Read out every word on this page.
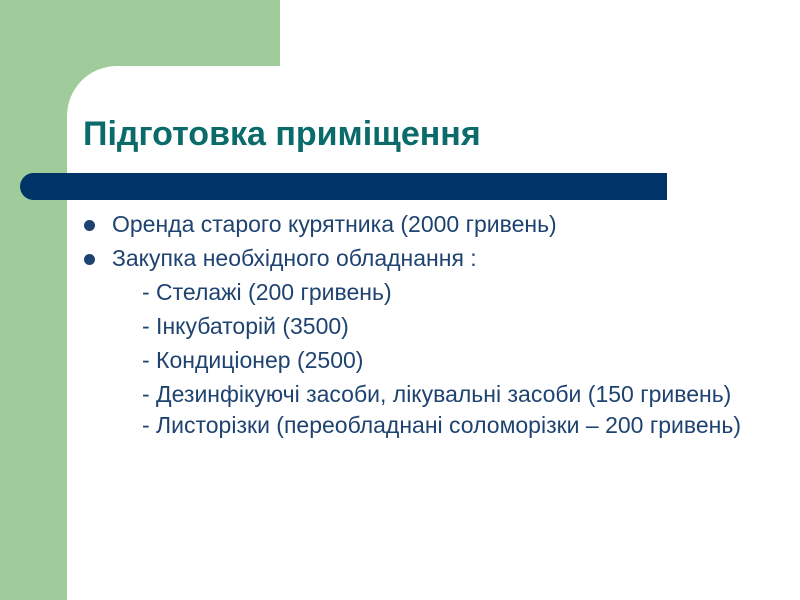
Підготовка приміщення
Оренда старого курятника (2000 гривень)
Закупка необхідного обладнання :
- Стелажі (200 гривень)
- Інкубаторій (3500)
- Кондиціонер (2500)
- Дезинфікуючі засоби, лікувальні засоби (150 гривень)
- Листорізки (переобладнані соломорізки – 200 гривень)
